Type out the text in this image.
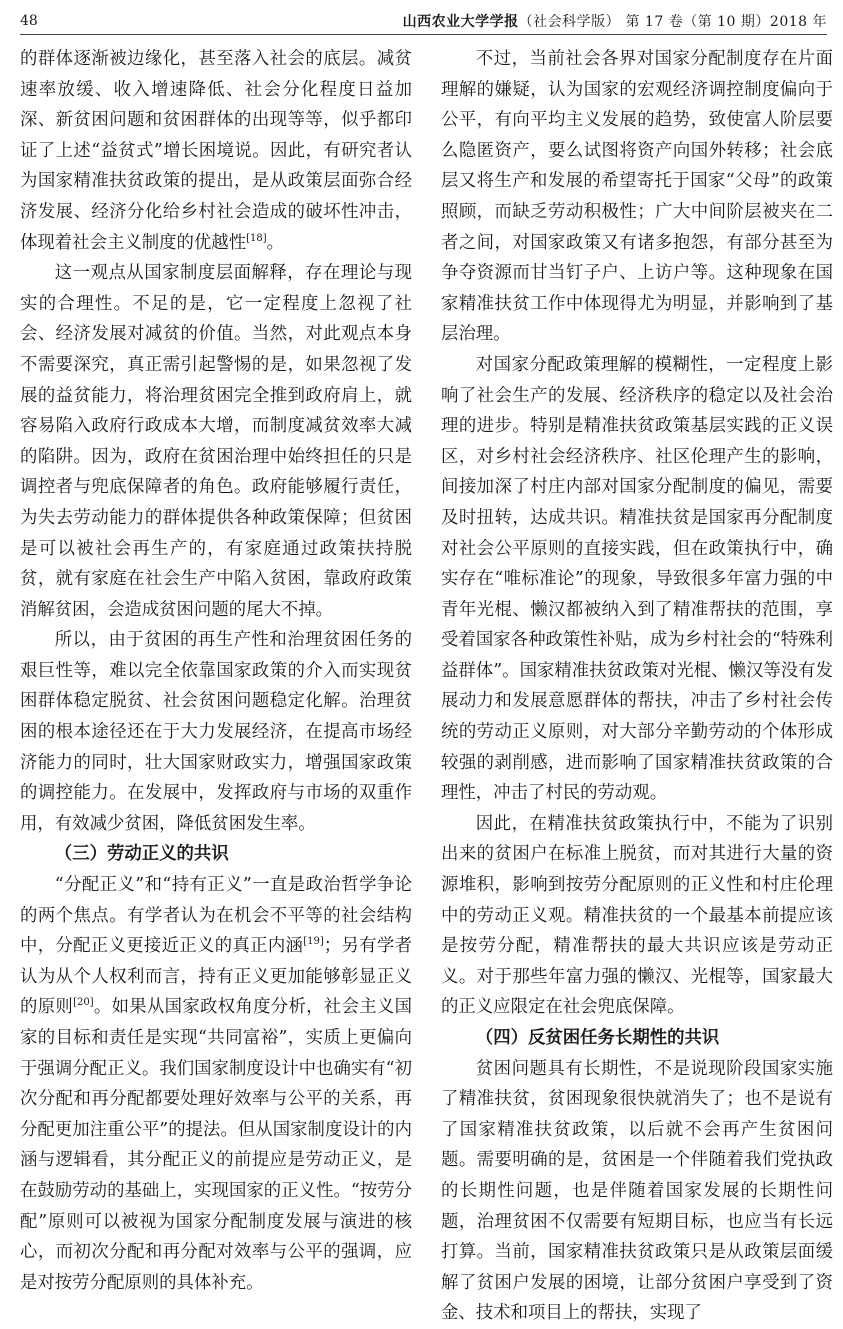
48	山西农业大学学报（社会科学版） 第 17 卷（第 10 期）2018 年

的群体逐渐被边缘化，甚至落入社会的底层。减贫速率放缓、收入增速降低、社会分化程度日益加深、新贫困问题和贫困群体的出现等等，似乎都印证了上述“益贫式”增长困境说。因此，有研究者认为国家精准扶贫政策的提出，是从政策层面弥合经济发展、经济分化给乡村社会造成的破坏性冲击，体现着社会主义制度的优越性[18]。

这一观点从国家制度层面解释，存在理论与现实的合理性。不足的是，它一定程度上忽视了社会、经济发展对减贫的价值。当然，对此观点本身不需要深究，真正需引起警惕的是，如果忽视了发展的益贫能力，将治理贫困完全推到政府肩上，就容易陷入政府行政成本大增，而制度减贫效率大减的陷阱。因为，政府在贫困治理中始终担任的只是调控者与兜底保障者的角色。政府能够履行责任，为失去劳动能力的群体提供各种政策保障；但贫困是可以被社会再生产的，有家庭通过政策扶持脱贫，就有家庭在社会生产中陷入贫困，靠政府政策消解贫困，会造成贫困问题的尾大不掉。

所以，由于贫困的再生产性和治理贫困任务的艰巨性等，难以完全依靠国家政策的介入而实现贫困群体稳定脱贫、社会贫困问题稳定化解。治理贫困的根本途径还在于大力发展经济，在提高市场经济能力的同时，壮大国家财政实力，增强国家政策的调控能力。在发展中，发挥政府与市场的双重作用，有效减少贫困，降低贫困发生率。

（三）劳动正义的共识

“分配正义”和“持有正义”一直是政治哲学争论的两个焦点。有学者认为在机会不平等的社会结构中，分配正义更接近正义的真正内涵[19]；另有学者认为从个人权利而言，持有正义更加能够彰显正义的原则[20]。如果从国家政权角度分析，社会主义国家的目标和责任是实现“共同富裕”，实质上更偏向于强调分配正义。我们国家制度设计中也确实有“初次分配和再分配都要处理好效率与公平的关系，再分配更加注重公平”的提法。但从国家制度设计的内涵与逻辑看，其分配正义的前提应是劳动正义，是在鼓励劳动的基础上，实现国家的正义性。“按劳分配”原则可以被视为国家分配制度发展与演进的核心，而初次分配和再分配对效率与公平的强调，应是对按劳分配原则的具体补充。

不过，当前社会各界对国家分配制度存在片面理解的嫌疑，认为国家的宏观经济调控制度偏向于公平，有向平均主义发展的趋势，致使富人阶层要么隐匿资产，要么试图将资产向国外转移；社会底层又将生产和发展的希望寄托于国家“父母”的政策照顾，而缺乏劳动积极性；广大中间阶层被夹在二者之间，对国家政策又有诸多抱怨，有部分甚至为争夺资源而甘当钉子户、上访户等。这种现象在国家精准扶贫工作中体现得尤为明显，并影响到了基层治理。

对国家分配政策理解的模糊性，一定程度上影响了社会生产的发展、经济秩序的稳定以及社会治理的进步。特别是精准扶贫政策基层实践的正义误区，对乡村社会经济秩序、社区伦理产生的影响，间接加深了村庄内部对国家分配制度的偏见，需要及时扭转，达成共识。精准扶贫是国家再分配制度对社会公平原则的直接实践，但在政策执行中，确实存在“唯标准论”的现象，导致很多年富力强的中青年光棍、懒汉都被纳入到了精准帮扶的范围，享受着国家各种政策性补贴，成为乡村社会的“特殊利益群体”。国家精准扶贫政策对光棍、懒汉等没有发展动力和发展意愿群体的帮扶，冲击了乡村社会传统的劳动正义原则，对大部分辛勤劳动的个体形成较强的剥削感，进而影响了国家精准扶贫政策的合理性，冲击了村民的劳动观。

因此，在精准扶贫政策执行中，不能为了识别出来的贫困户在标准上脱贫，而对其进行大量的资源堆积，影响到按劳分配原则的正义性和村庄伦理中的劳动正义观。精准扶贫的一个最基本前提应该是按劳分配，精准帮扶的最大共识应该是劳动正义。对于那些年富力强的懒汉、光棍等，国家最大的正义应限定在社会兜底保障。

（四）反贫困任务长期性的共识

贫困问题具有长期性，不是说现阶段国家实施了精准扶贫，贫困现象很快就消失了；也不是说有了国家精准扶贫政策，以后就不会再产生贫困问题。需要明确的是，贫困是一个伴随着我们党执政的长期性问题，也是伴随着国家发展的长期性问题，治理贫困不仅需要有短期目标，也应当有长远打算。当前，国家精准扶贫政策只是从政策层面缓解了贫困户发展的困境，让部分贫困户享受到了资金、技术和项目上的帮扶，实现了
